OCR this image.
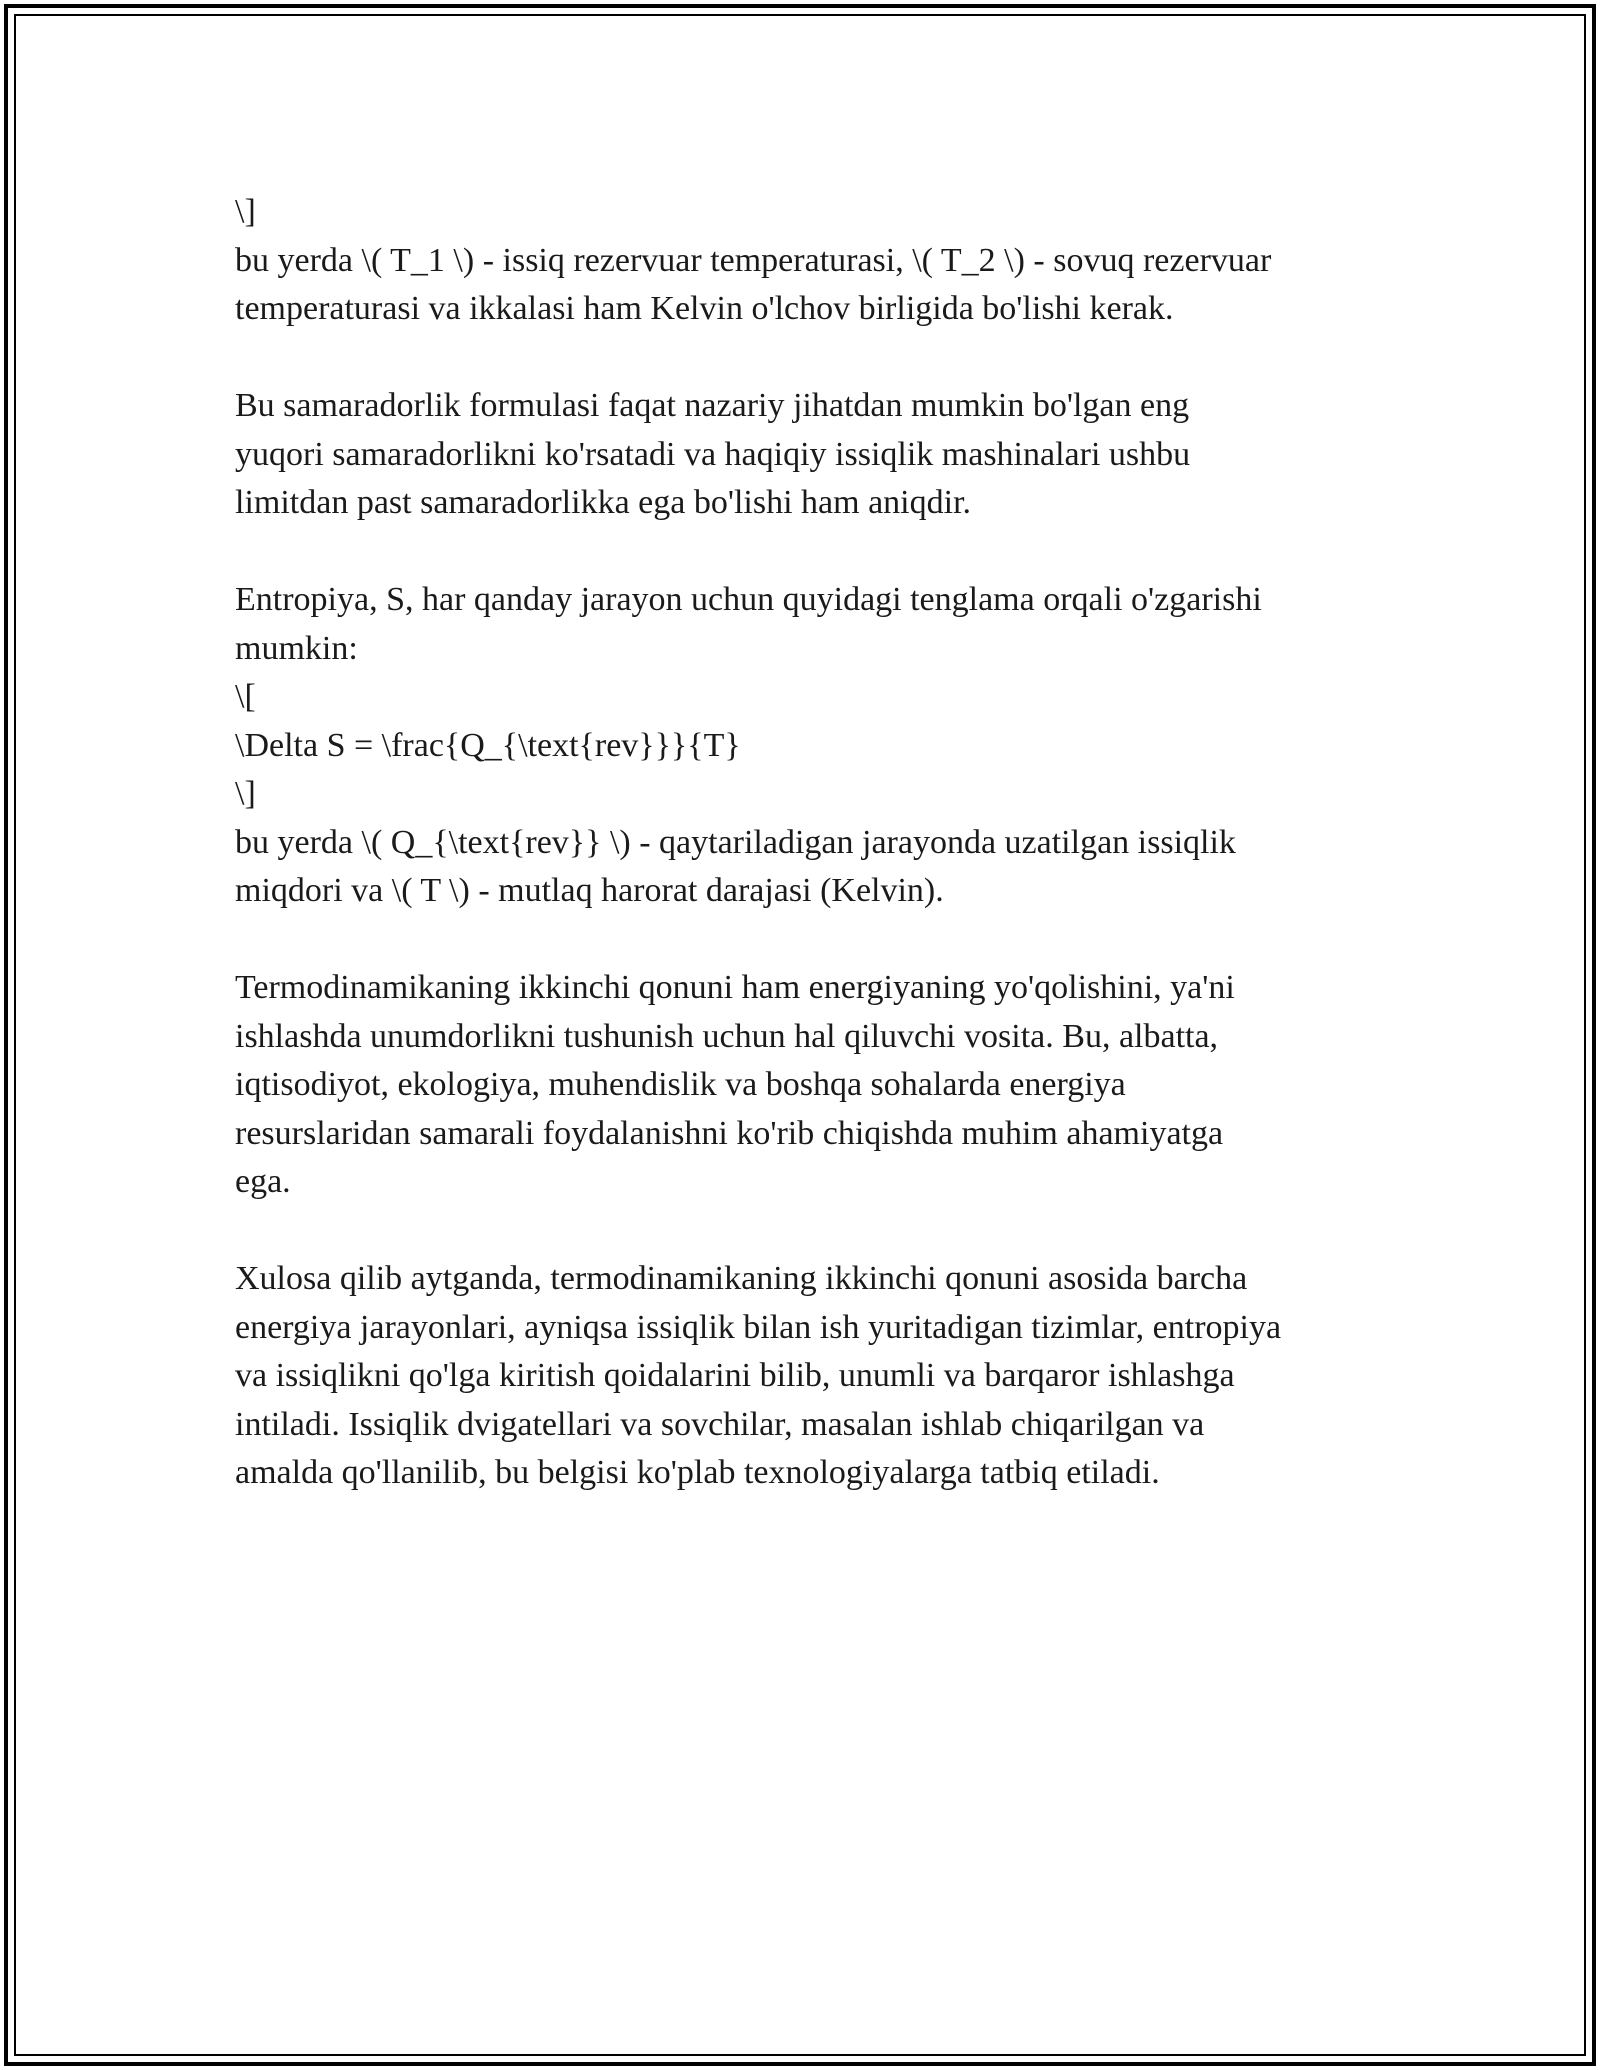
\]
bu yerda \( T_1 \) - issiq rezervuar temperaturasi, \( T_2 \) - sovuq rezervuar
temperaturasi va ikkalasi ham Kelvin o'lchov birligida bo'lishi kerak.
Bu samaradorlik formulasi faqat nazariy jihatdan mumkin bo'lgan eng
yuqori samaradorlikni ko'rsatadi va haqiqiy issiqlik mashinalari ushbu
limitdan past samaradorlikka ega bo'lishi ham aniqdir.
Entropiya, S, har qanday jarayon uchun quyidagi tenglama orqali o'zgarishi
mumkin:
\[
\Delta S = \frac{Q_{\text{rev}}}{T}
\]
bu yerda \( Q_{\text{rev}} \) - qaytariladigan jarayonda uzatilgan issiqlik
miqdori va \( T \) - mutlaq harorat darajasi (Kelvin).
Termodinamikaning ikkinchi qonuni ham energiyaning yo'qolishini, ya'ni
ishlashda unumdorlikni tushunish uchun hal qiluvchi vosita. Bu, albatta,
iqtisodiyot, ekologiya, muhendislik va boshqa sohalarda energiya
resurslaridan samarali foydalanishni ko'rib chiqishda muhim ahamiyatga
ega.
Xulosa qilib aytganda, termodinamikaning ikkinchi qonuni asosida barcha
energiya jarayonlari, ayniqsa issiqlik bilan ish yuritadigan tizimlar, entropiya
va issiqlikni qo'lga kiritish qoidalarini bilib, unumli va barqaror ishlashga
intiladi. Issiqlik dvigatellari va sovchilar, masalan ishlab chiqarilgan va
amalda qo'llanilib, bu belgisi ko'plab texnologiyalarga tatbiq etiladi.
